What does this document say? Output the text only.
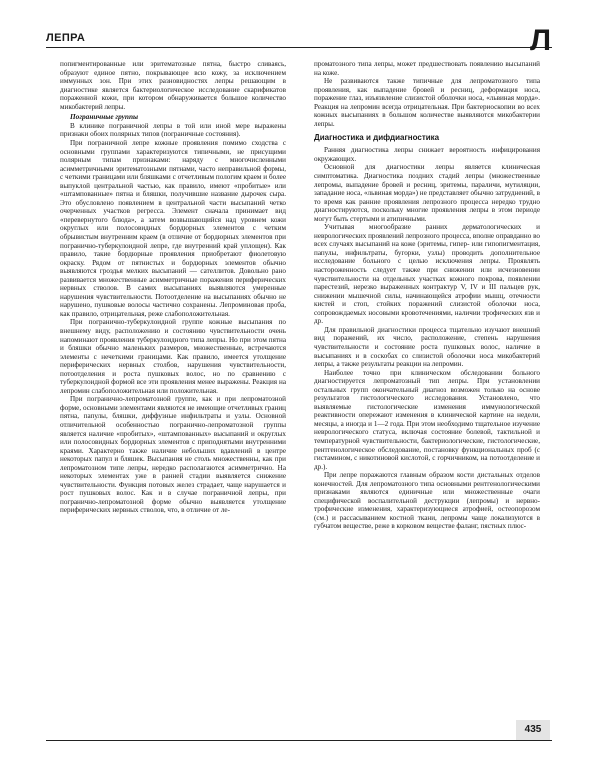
ЛЕПРА	Л

попигментированные или эритематозные пятна, быстро сливаясь, образуют единое пятно, покрывающее всю кожу, за исключением иммунных зон. При этих разновидностях лепры решающим в диагностике является бактериологическое исследование скарификатов пораженной кожи, при котором обнаруживается большое количество микобактерий лепры.

Пограничные группы

В клинике пограничной лепры в той или иной мере выражены признаки обоих полярных типов (пограничные состояния).

При пограничной лепре кожные проявления помимо сходства с основными группами характеризуются типичными, не присущими полярным типам признаками: наряду с многочисленными асимметричными эритематозными пятнами, часто неправильной формы, с четкими границами или бляшками с отчетливым пологим краем и более выпуклой центральной частью, как правило, имеют «пробитые» или «штампованные» пятна и бляшки, получившие название дырочек сыра. Это обусловлено появлением в центральной части высыпаний четко очерченных участков регресса. Элемент сначала принимает вид «перевернутого блюда», а затем возвышающийся над уровнем кожи округлых или полосовидных бордюрных элементов с четким обрывистым внутренним краем (в отличие от бордюрных элементов при погранично-туберкулоидной лепре, где внутренний край уплощен). Как правило, такие бордюрные проявления приобретают фиолетовую окраску. Рядом от пятнистых и бордюрных элементов обычно выявляются гроздья мелких высыпаний — сателлитов. Довольно рано развивается множественные асимметричные поражения периферических нервных стволов. В самих высыпаниях выявляются умеренные нарушения чувствительности. Потоотделение на высыпаниях обычно не нарушено, пушковые волосы частично сохранены. Лепроминовая проба, как правило, отрицательная, реже слабоположительная.

При погранично-туберкулоидной группе кожные высыпания по внешнему виду, расположению и состоянию чувствительности очень напоминают проявления туберкулоидного типа лепры. Но при этом пятна и бляшки обычно маленьких размеров, множественные, встречаются элементы с нечеткими границами. Как правило, имеется утолщение периферических нервных столбов, нарушения чувствительности, потоотделения и роста пушковых волос, но по сравнению с туберкулоидной формой все эти проявления менее выражены. Реакция на лепромин слабоположительная или положительная.

При погранично-лепроматозной группе, как и при лепроматозной форме, основными элементами являются не имеющие отчетливых границ пятна, папулы, бляшки, диффузные инфильтраты и узлы. Основной отличительной особенностью погранично-лепроматозной группы является наличие «пробитых», «штампованных» высыпаний и округлых или полосовидных бордюрных элементов с приподнятыми внутренними краями. Характерно также наличие небольших вдавлений в центре некоторых папул и бляшек. Высыпания не столь множественны, как при лепроматозном типе лепры, нередко располагаются асимметрично. На некоторых элементах уже в ранней стадии выявляется снижение чувствительности. Функция потовых желез страдает, чаще нарушается и рост пушковых волос. Как и в случае пограничной лепры, при погранично-лепроматозной форме обычно выявляется утолщение периферических нервных стволов, что, в отличие от ле-

проматозного типа лепры, может предшествовать появлению высыпаний на коже.

Не развиваются также типичные для лепроматозного типа проявления, как выпадение бровей и ресниц, деформация носа, поражение глаз, изъязвление слизистой оболочки носа, «львиная морда». Реакция на лепромин всегда отрицательная. При бактериоскопии во всех кожных высыпаниях в большом количестве выявляются микобактерии лепры.

Диагностика и дифдиагностика

Ранняя диагностика лепры снижает вероятность инфицирования окружающих.

Основной для диагностики лепры является клиническая симптоматика. Диагностика поздних стадий лепры (множественные лепромы, выпадение бровей и ресниц, эритемы, параличи, мутиляции, западание носа, «львиная морда») не представляет обычно затруднений, в то время как ранние проявления лепрозного процесса нередко трудно диагностируются, поскольку многие проявления лепры в этом периоде могут быть стертыми и атипичными.

Учитывая многообразие ранних дерматологических и неврологических проявлений лепрозного процесса, вполне оправданно во всех случаях высыпаний на коже (эритемы, гипер- или гипопигментация, папулы, инфильтраты, бугорки, узлы) проводить дополнительное исследование больного с целью исключения лепры. Проявлять настороженность следует также при снижении или исчезновении чувствительности на отдельных участках кожного покрова, появлении парестезий, нерезко выраженных контрактур V, IV и III пальцев рук, снижении мышечной силы, начинающейся атрофии мышц, отечности кистей и стоп, стойких поражений слизистой оболочки носа, сопровождаемых носовыми кровотечениями, наличии трофических язв и др.

Для правильной диагностики процесса тщательно изучают внешний вид поражений, их число, расположение, степень нарушения чувствительности и состояние роста пушковых волос, наличие в высыпаниях и в соскобах со слизистой оболочки носа микобактерий лепры, а также результаты реакции на лепромин.

Наиболее точно при клиническом обследовании больного диагностируется лепроматозный тип лепры. При установлении остальных групп окончательный диагноз возможен только на основе результатов гистологического исследования. Установлено, что выявляемые гистологические изменения иммунологической реактивности опережают изменения в клинической картине на недели, месяцы, а иногда и 1—2 года. При этом необходимо тщательное изучение неврологического статуса, включая состояние болевой, тактильной и температурной чувствительности, бактериологические, гистологические, рентгенологическое обследование, постановку функциональных проб (с гистамином, с никотиновой кислотой, с горчичником, на потоотделение и др.).

При лепре поражаются главным образом кости дистальных отделов конечностей. Для лепроматозного типа основными рентгенологическими признаками являются единичные или множественные очаги специфической воспалительной деструкции (лепромы) и нервно-трофические изменения, характеризующиеся атрофией, остеопорозом (см.) и рассасыванием костной ткани, лепромы чаще локализуются в губчатом веществе, реже в корковом веществе фаланг, пястных плюс-

435
